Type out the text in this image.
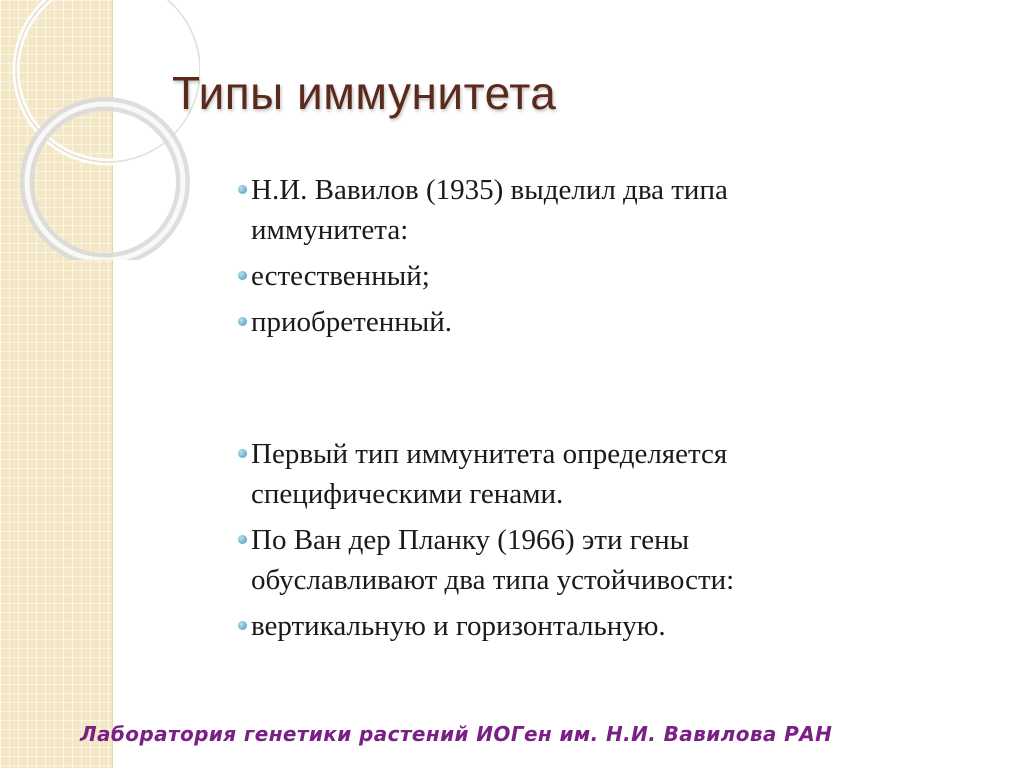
Типы иммунитета
Н.И. Вавилов (1935) выделил два типа иммунитета:
естественный;
приобретенный.
Первый тип иммунитета определяется специфическими генами.
По Ван дер Планку (1966) эти гены обуславливают два типа устойчивости:
вертикальную и горизонтальную.

Лаборатория генетики растений ИОГен им. Н.И. Вавилова РАН
